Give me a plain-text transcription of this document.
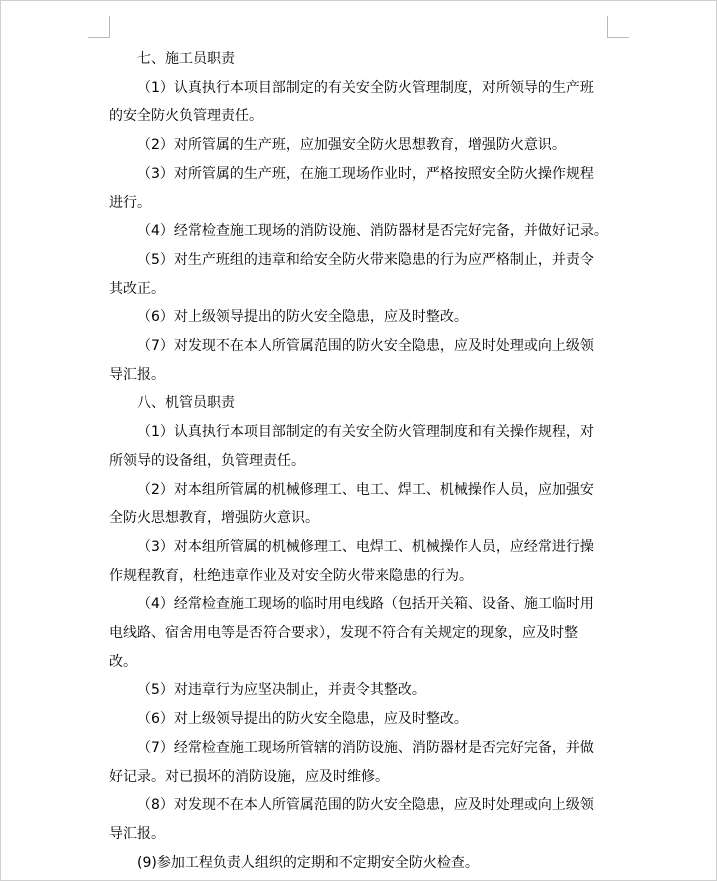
七、施工员职责

（1）认真执行本项目部制定的有关安全防火管理制度，对所领导的生产班
的安全防火负管理责任。

（2）对所管属的生产班，应加强安全防火思想教育，增强防火意识。

（3）对所管属的生产班，在施工现场作业时，严格按照安全防火操作规程
进行。

（4）经常检查施工现场的消防设施、消防器材是否完好完备，并做好记录。

（5）对生产班组的违章和给安全防火带来隐患的行为应严格制止，并责令
其改正。

（6）对上级领导提出的防火安全隐患，应及时整改。

（7）对发现不在本人所管属范围的防火安全隐患，应及时处理或向上级领
导汇报。

八、机管员职责

（1）认真执行本项目部制定的有关安全防火管理制度和有关操作规程，对
所领导的设备组，负管理责任。

（2）对本组所管属的机械修理工、电工、焊工、机械操作人员，应加强安
全防火思想教育，增强防火意识。

（3）对本组所管属的机械修理工、电焊工、机械操作人员，应经常进行操
作规程教育，杜绝违章作业及对安全防火带来隐患的行为。

（4）经常检查施工现场的临时用电线路（包括开关箱、设备、施工临时用
电线路、宿舍用电等是否符合要求），发现不符合有关规定的现象，应及时整
改。

（5）对违章行为应坚决制止，并责令其整改。

（6）对上级领导提出的防火安全隐患，应及时整改。

（7）经常检查施工现场所管辖的消防设施、消防器材是否完好完备，并做
好记录。对已损坏的消防设施，应及时维修。

（8）对发现不在本人所管属范围的防火安全隐患，应及时处理或向上级领
导汇报。

(9)参加工程负责人组织的定期和不定期安全防火检查。
